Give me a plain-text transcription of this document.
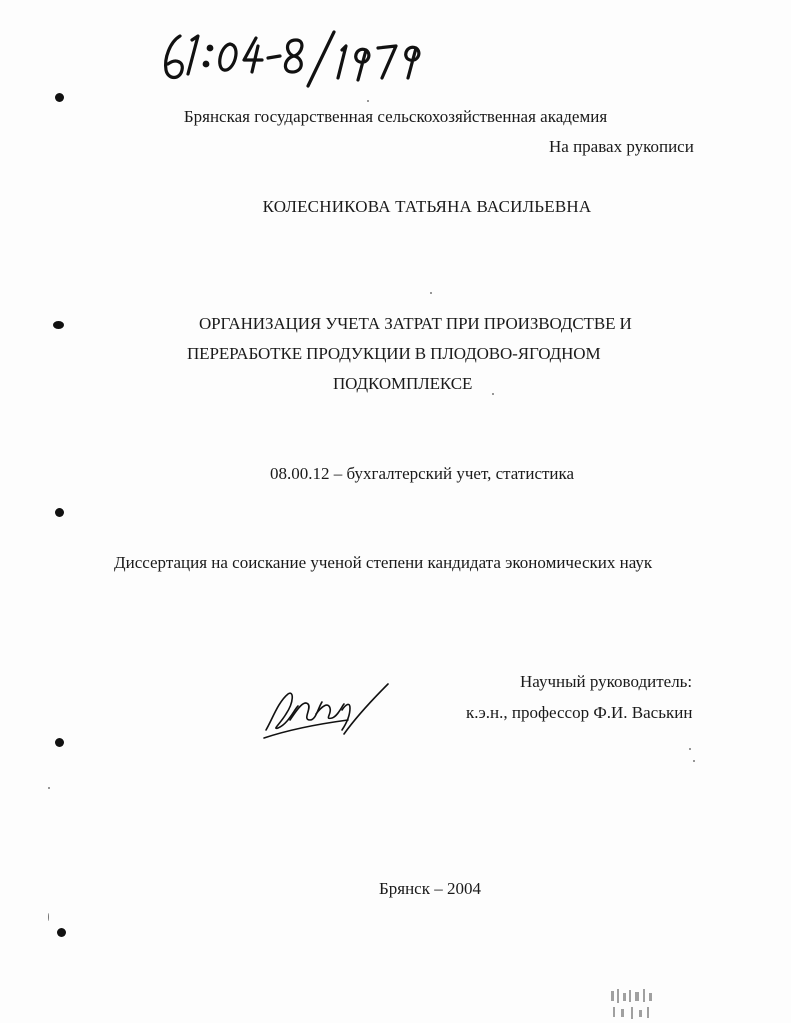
Брянская государственная сельскохозяйственная академия
На правах рукописи
КОЛЕСНИКОВА ТАТЬЯНА ВАСИЛЬЕВНА
ОРГАНИЗАЦИЯ УЧЕТА ЗАТРАТ ПРИ ПРОИЗВОДСТВЕ И
ПЕРЕРАБОТКЕ ПРОДУКЦИИ В ПЛОДОВО-ЯГОДНОМ
ПОДКОМПЛЕКСЕ
08.00.12 – бухгалтерский учет, статистика
Диссертация на соискание ученой степени кандидата экономических наук
Научный руководитель:
к.э.н., профессор Ф.И. Васькин
Брянск – 2004
